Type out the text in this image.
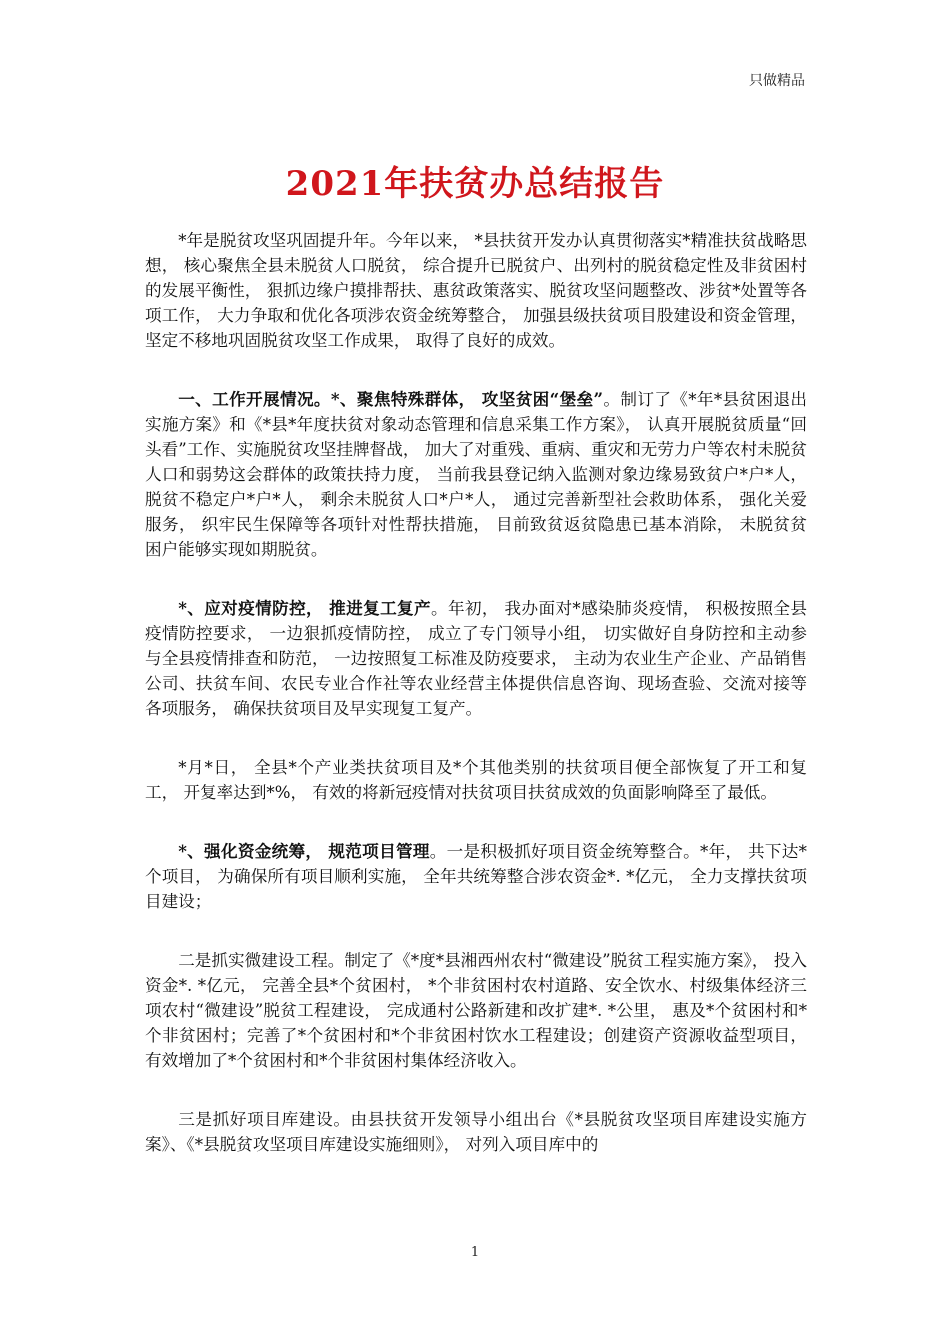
只做精品
2021年扶贫办总结报告

*年是脱贫攻坚巩固提升年。今年以来， *县扶贫开发办认真贯彻落实*精准扶贫战略思想， 核心聚焦全县未脱贫人口脱贫， 综合提升已脱贫户、出列村的脱贫稳定性及非贫困村的发展平衡性， 狠抓边缘户摸排帮扶、惠贫政策落实、脱贫攻坚问题整改、涉贫*处置等各项工作， 大力争取和优化各项涉农资金统筹整合， 加强县级扶贫项目股建设和资金管理， 坚定不移地巩固脱贫攻坚工作成果， 取得了良好的成效。

一、工作开展情况。*、聚焦特殊群体， 攻坚贫困“堡垒”。制订了《*年*县贫困退出实施方案》和《*县*年度扶贫对象动态管理和信息采集工作方案》， 认真开展脱贫质量“回头看”工作、实施脱贫攻坚挂牌督战， 加大了对重残、重病、重灾和无劳力户等农村未脱贫人口和弱势这会群体的政策扶持力度， 当前我县登记纳入监测对象边缘易致贫户*户*人， 脱贫不稳定户*户*人， 剩余未脱贫人口*户*人， 通过完善新型社会救助体系， 强化关爱服务， 织牢民生保障等各项针对性帮扶措施， 目前致贫返贫隐患已基本消除， 未脱贫贫困户能够实现如期脱贫。

*、应对疫情防控， 推进复工复产。年初， 我办面对*感染肺炎疫情， 积极按照全县疫情防控要求， 一边狠抓疫情防控， 成立了专门领导小组， 切实做好自身防控和主动参与全县疫情排查和防范， 一边按照复工标准及防疫要求， 主动为农业生产企业、产品销售公司、扶贫车间、农民专业合作社等农业经营主体提供信息咨询、现场查验、交流对接等各项服务， 确保扶贫项目及早实现复工复产。

*月*日， 全县*个产业类扶贫项目及*个其他类别的扶贫项目便全部恢复了开工和复工， 开复率达到*%， 有效的将新冠疫情对扶贫项目扶贫成效的负面影响降至了最低。

*、强化资金统筹， 规范项目管理。一是积极抓好项目资金统筹整合。*年， 共下达*个项目， 为确保所有项目顺利实施， 全年共统筹整合涉农资金*. *亿元， 全力支撑扶贫项目建设；

二是抓实微建设工程。制定了《*度*县湘西州农村“微建设”脱贫工程实施方案》， 投入资金*. *亿元， 完善全县*个贫困村， *个非贫困村农村道路、安全饮水、村级集体经济三项农村“微建设”脱贫工程建设， 完成通村公路新建和改扩建*. *公里， 惠及*个贫困村和*个非贫困村；完善了*个贫困村和*个非贫困村饮水工程建设；创建资产资源收益型项目， 有效增加了*个贫困村和*个非贫困村集体经济收入。

三是抓好项目库建设。由县扶贫开发领导小组出台《*县脱贫攻坚项目库建设实施方案》、《*县脱贫攻坚项目库建设实施细则》， 对列入项目库中的

1
